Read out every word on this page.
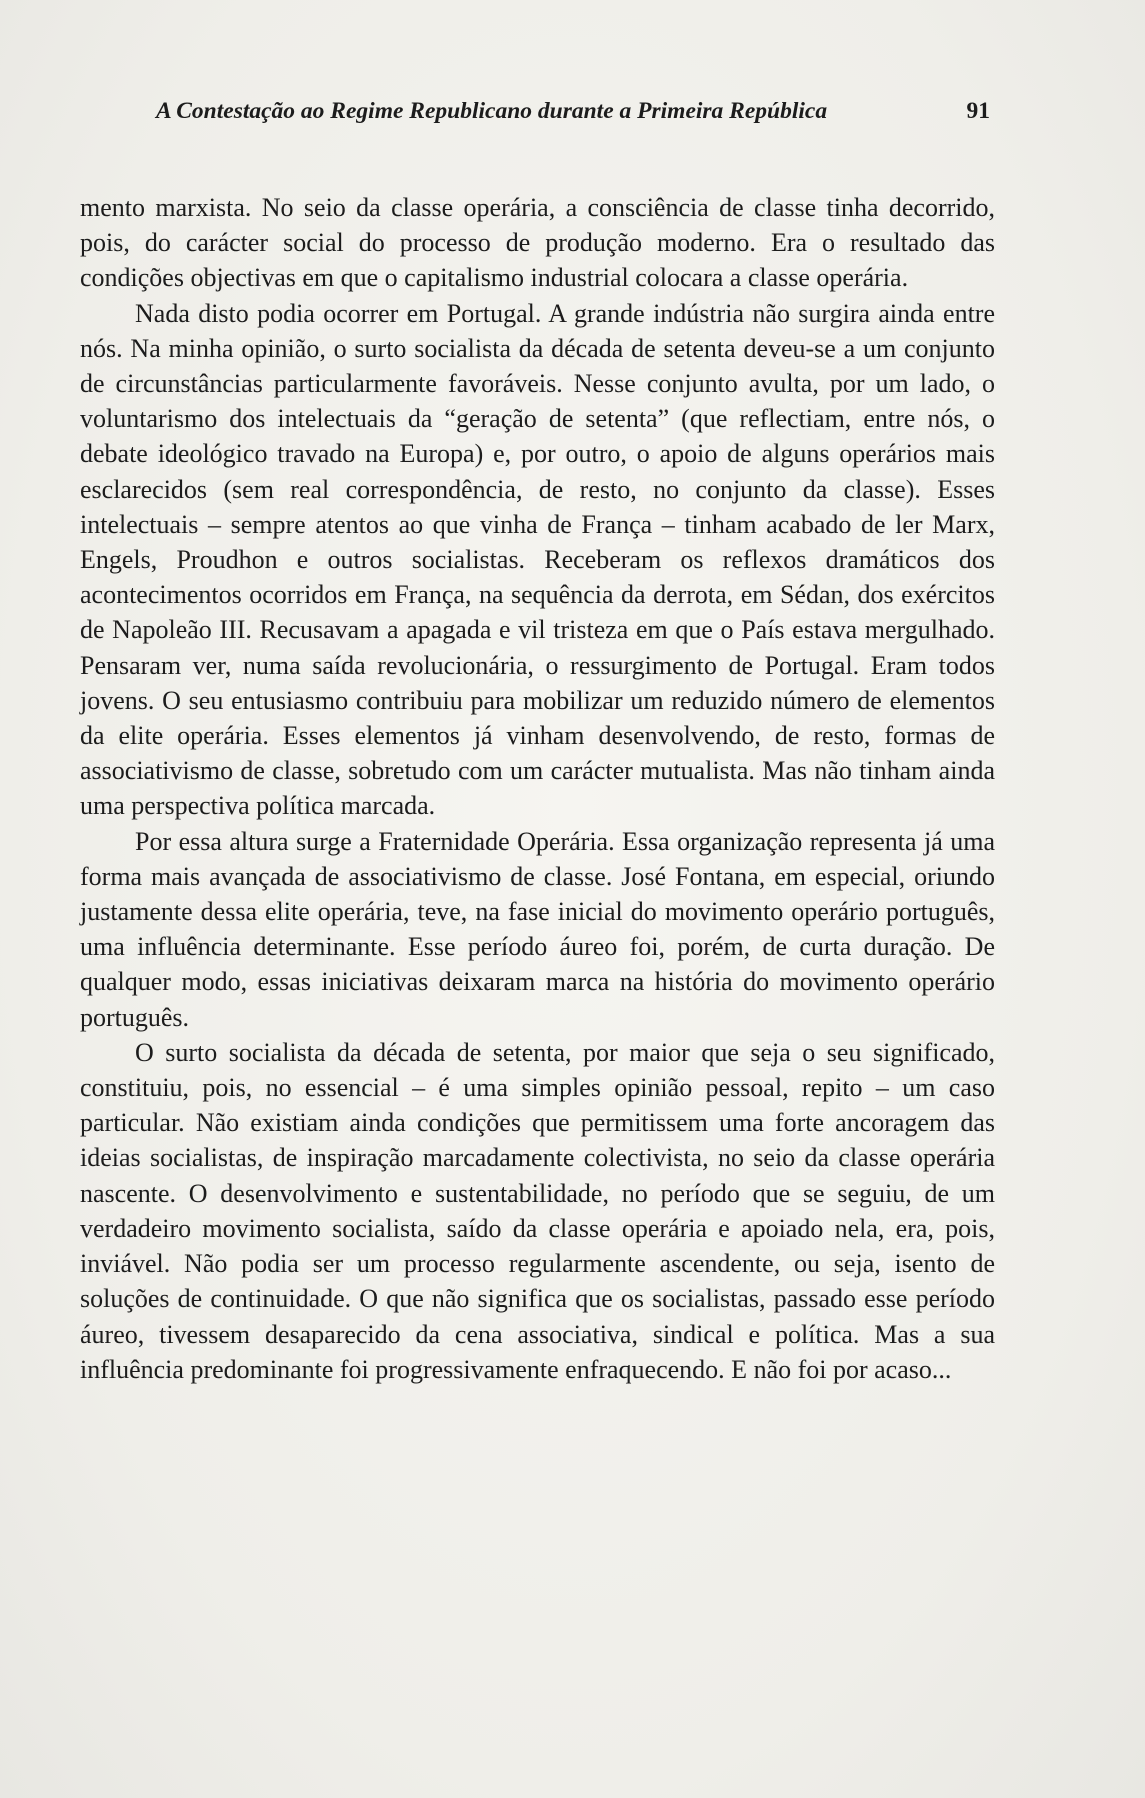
A Contestação ao Regime Republicano durante a Primeira República	91

mento marxista. No seio da classe operária, a consciência de classe tinha decorrido, pois, do carácter social do processo de produção moderno. Era o resultado das condições objectivas em que o capitalismo industrial colocara a classe operária.

Nada disto podia ocorrer em Portugal. A grande indústria não surgira ainda entre nós. Na minha opinião, o surto socialista da década de setenta deveu-se a um conjunto de circunstâncias particularmente favoráveis. Nesse conjunto avulta, por um lado, o voluntarismo dos intelectuais da “geração de setenta” (que reflectiam, entre nós, o debate ideológico travado na Europa) e, por outro, o apoio de alguns operários mais esclarecidos (sem real correspondência, de resto, no conjunto da classe). Esses intelectuais – sempre atentos ao que vinha de França – tinham acabado de ler Marx, Engels, Proudhon e outros socialistas. Receberam os reflexos dramáticos dos acontecimentos ocorridos em França, na sequência da derrota, em Sédan, dos exércitos de Napoleão III. Recusavam a apagada e vil tristeza em que o País estava mergulhado. Pensaram ver, numa saída revolucionária, o ressurgimento de Portugal. Eram todos jovens. O seu entusiasmo contribuiu para mobilizar um reduzido número de elementos da elite operária. Esses elementos já vinham desenvolvendo, de resto, formas de associativismo de classe, sobretudo com um carácter mutualista. Mas não tinham ainda uma perspectiva política marcada.

Por essa altura surge a Fraternidade Operária. Essa organização representa já uma forma mais avançada de associativismo de classe. José Fontana, em especial, oriundo justamente dessa elite operária, teve, na fase inicial do movimento operário português, uma influência determinante. Esse período áureo foi, porém, de curta duração. De qualquer modo, essas iniciativas deixaram marca na história do movimento operário português.

O surto socialista da década de setenta, por maior que seja o seu significado, constituiu, pois, no essencial – é uma simples opinião pessoal, repito – um caso particular. Não existiam ainda condições que permitissem uma forte ancoragem das ideias socialistas, de inspiração marcadamente colectivista, no seio da classe operária nascente. O desenvolvimento e sustentabilidade, no período que se seguiu, de um verdadeiro movimento socialista, saído da classe operária e apoiado nela, era, pois, inviável. Não podia ser um processo regularmente ascendente, ou seja, isento de soluções de continuidade. O que não significa que os socialistas, passado esse período áureo, tivessem desaparecido da cena associativa, sindical e política. Mas a sua influência predominante foi progressivamente enfraquecendo. E não foi por acaso...
